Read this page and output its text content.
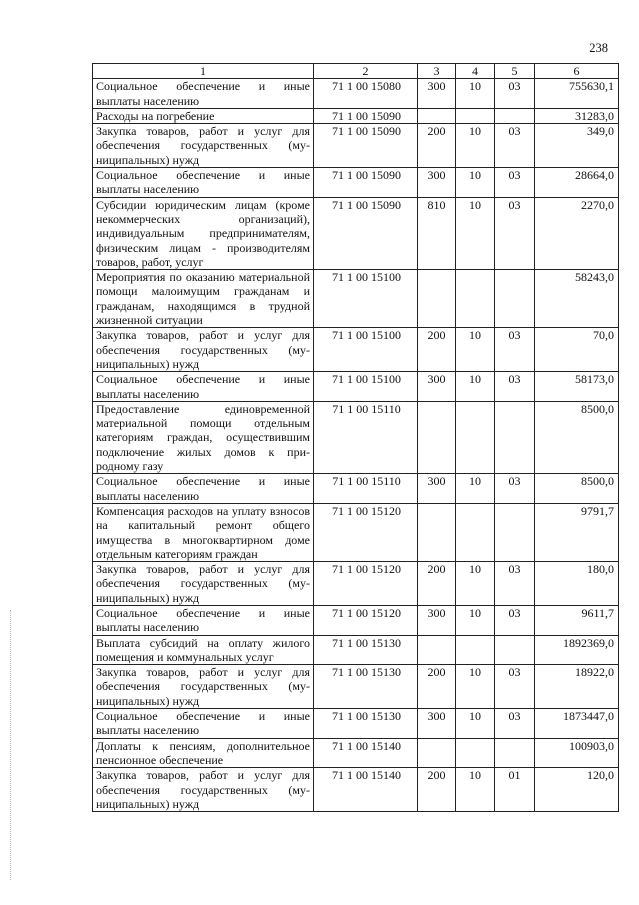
238
1	2	3	4	5	6
Социальное обеспечение и иные выплаты населению	71 1 00 15080	300	10	03	755630,1
Расходы на погребение	71 1 00 15090				31283,0
Закупка товаров, работ и услуг для обеспечения государственных (муниципальных) нужд	71 1 00 15090	200	10	03	349,0
Социальное обеспечение и иные выплаты населению	71 1 00 15090	300	10	03	28664,0
Субсидии юридическим лицам (кроме некоммерческих организаций), индивидуальным предпринимателям, физическим лицам - производителям товаров, работ, услуг	71 1 00 15090	810	10	03	2270,0
Мероприятия по оказанию материальной помощи малоимущим гражданам и гражданам, находящимся в трудной жизненной ситуации	71 1 00 15100				58243,0
Закупка товаров, работ и услуг для обеспечения государственных (муниципальных) нужд	71 1 00 15100	200	10	03	70,0
Социальное обеспечение и иные выплаты населению	71 1 00 15100	300	10	03	58173,0
Предоставление единовременной материальной помощи отдельным категориям граждан, осуществившим подключение жилых домов к природному газу	71 1 00 15110				8500,0
Социальное обеспечение и иные выплаты населению	71 1 00 15110	300	10	03	8500,0
Компенсация расходов на уплату взносов на капитальный ремонт общего имущества в многоквартирном доме отдельным категориям граждан	71 1 00 15120				9791,7
Закупка товаров, работ и услуг для обеспечения государственных (муниципальных) нужд	71 1 00 15120	200	10	03	180,0
Социальное обеспечение и иные выплаты населению	71 1 00 15120	300	10	03	9611,7
Выплата субсидий на оплату жилого помещения и коммунальных услуг	71 1 00 15130				1892369,0
Закупка товаров, работ и услуг для обеспечения государственных (муниципальных) нужд	71 1 00 15130	200	10	03	18922,0
Социальное обеспечение и иные выплаты населению	71 1 00 15130	300	10	03	1873447,0
Доплаты к пенсиям, дополнительное пенсионное обеспечение	71 1 00 15140				100903,0
Закупка товаров, работ и услуг для обеспечения государственных (муниципальных) нужд	71 1 00 15140	200	10	01	120,0
